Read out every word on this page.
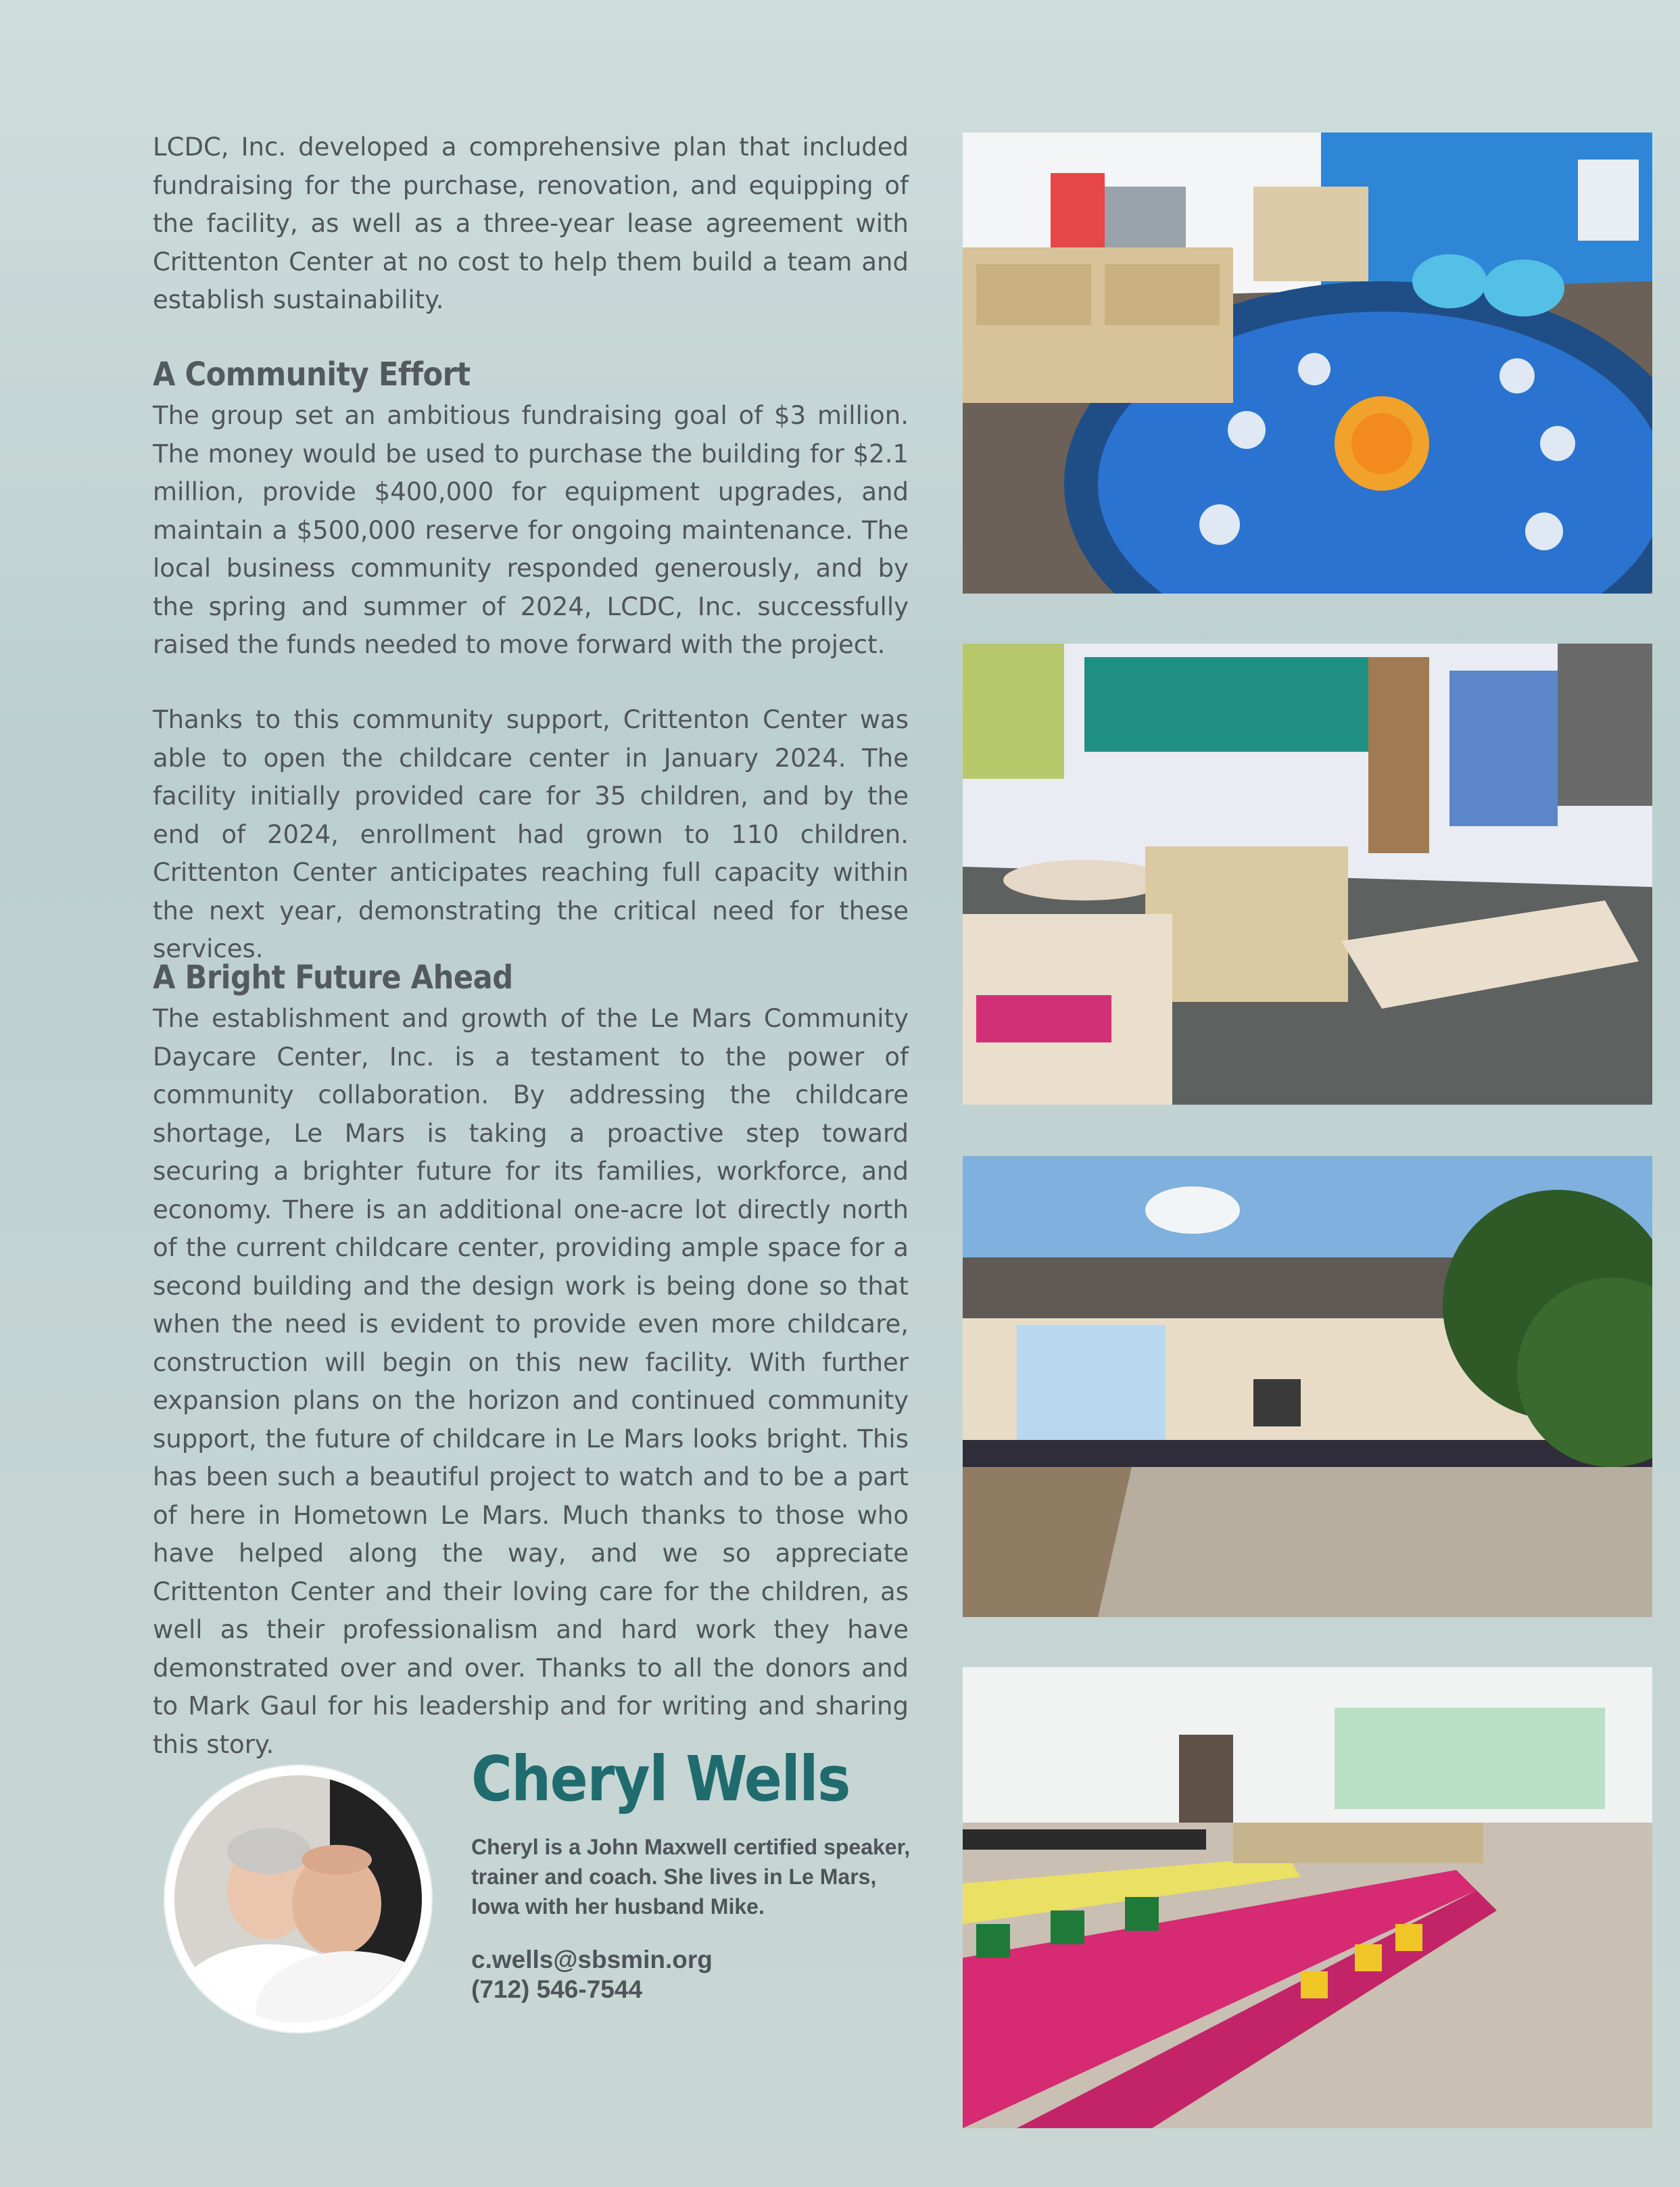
LCDC, Inc. developed a comprehensive plan that included fundraising for the purchase, renovation, and equipping of the facility, as well as a three-year lease agreement with Crittenton Center at no cost to help them build a team and establish sustainability.

A Community Effort

The group set an ambitious fundraising goal of $3 million. The money would be used to purchase the building for $2.1 million, provide $400,000 for equipment upgrades, and maintain a $500,000 reserve for ongoing maintenance. The local business community responded generously, and by the spring and summer of 2024, LCDC, Inc. successfully raised the funds needed to move forward with the project.

Thanks to this community support, Crittenton Center was able to open the childcare center in January 2024. The facility initially provided care for 35 children, and by the end of 2024, enrollment had grown to 110 children. Crittenton Center anticipates reaching full capacity within the next year, demonstrating the critical need for these services.

A Bright Future Ahead

The establishment and growth of the Le Mars Community Daycare Center, Inc. is a testament to the power of community collaboration. By addressing the childcare shortage, Le Mars is taking a proactive step toward securing a brighter future for its families, workforce, and economy. There is an additional one-acre lot directly north of the current childcare center, providing ample space for a second building and the design work is being done so that when the need is evident to provide even more childcare, construction will begin on this new facility. With further expansion plans on the horizon and continued community support, the future of childcare in Le Mars looks bright. This has been such a beautiful project to watch and to be a part of here in Hometown Le Mars. Much thanks to those who have helped along the way, and we so appreciate Crittenton Center and their loving care for the children, as well as their professionalism and hard work they have demonstrated over and over. Thanks to all the donors and to Mark Gaul for his leadership and for writing and sharing this story.	Cheryl Wells

Cheryl is a John Maxwell certified speaker, trainer and coach. She lives in Le Mars, Iowa with her husband Mike.

c.wells@sbsmin.org

(712) 546-7544
